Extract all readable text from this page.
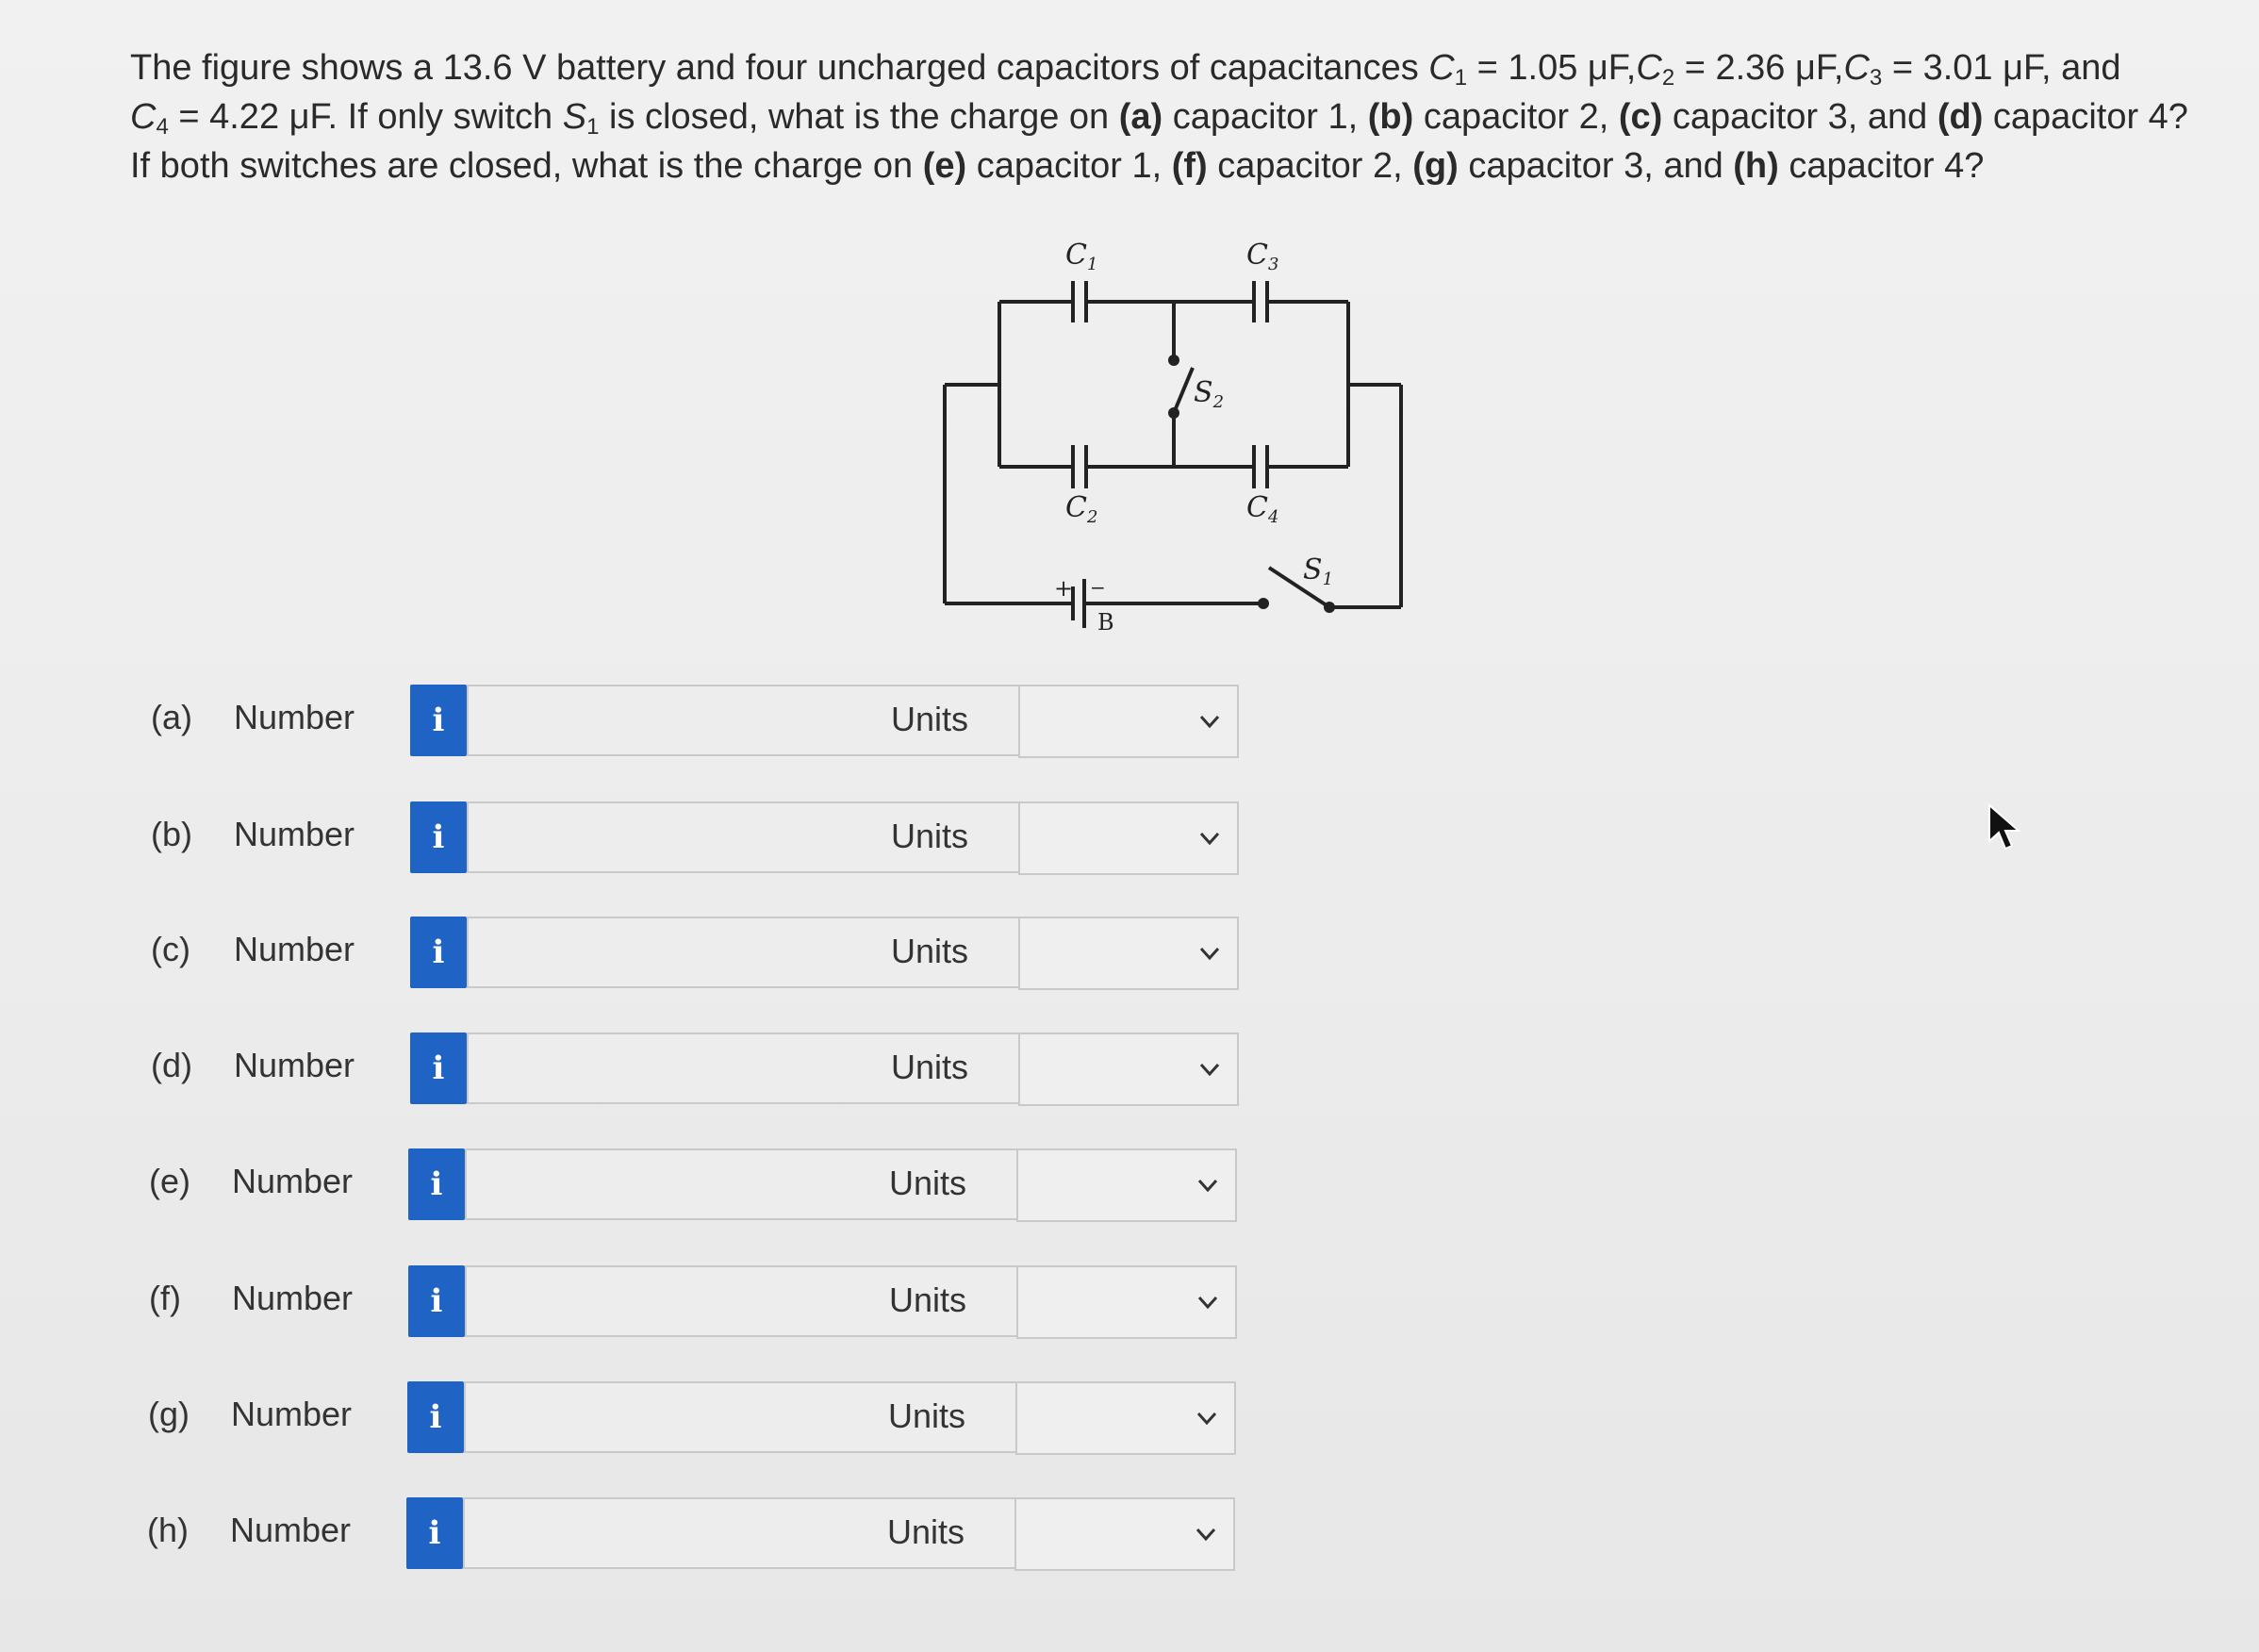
The figure shows a 13.6 V battery and four uncharged capacitors of capacitances $C_1 = 1.05$ $\mu F,C_2 = 2.36$ $\mu F,C_3 = 3.01$ μF, and
$C_4 = 4.22$ μF. If only switch $S_1$ is closed, what is the charge on (a) capacitor 1, (b) capacitor 2, (c) capacitor 3, and (d) capacitor 4? If both switches are closed, what is the charge on (e) capacitor 1, (f) capacitor 2, (g) capacitor 3, and (h) capacitor 4?
$C_1$	$C_3$
$C_2$	$C_4$
$S_2$
$S_1$
+ −
B
(a) Number	i	Units
(b) Number	i	Units
(c) Number	i	Units
(d) Number	i	Units
(e) Number	i	Units
(f) Number	i	Units
(g) Number	i	Units
(h) Number	i	Units
